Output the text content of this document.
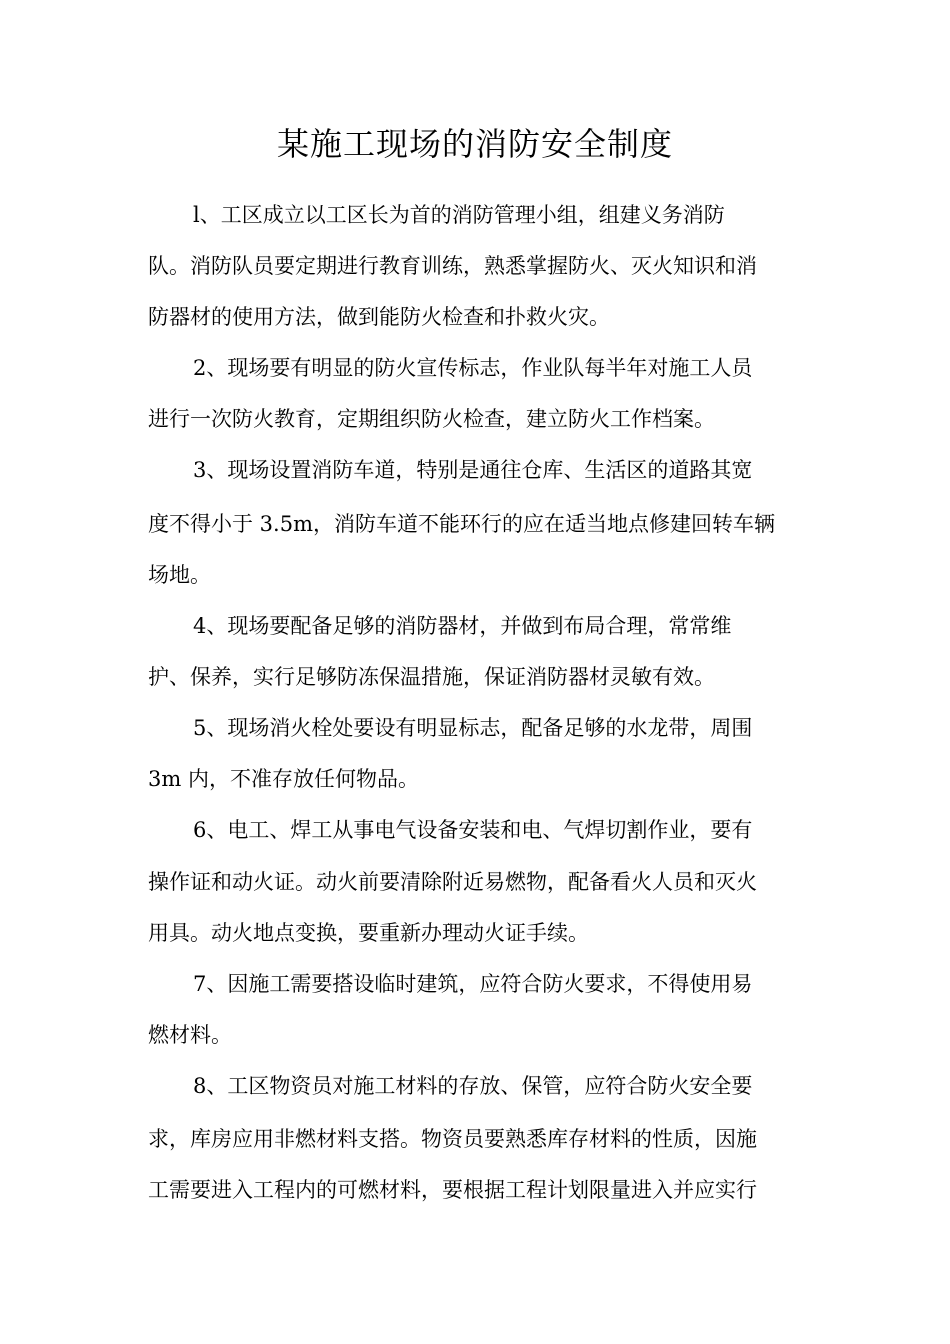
某施工现场的消防安全制度

l、工区成立以工区长为首的消防管理小组，组建义务消防

队。消防队员要定期进行教育训练，熟悉掌握防火、灭火知识和消

防器材的使用方法，做到能防火检查和扑救火灾。

2、现场要有明显的防火宣传标志，作业队每半年对施工人员

进行一次防火教育，定期组织防火检查，建立防火工作档案。

3、现场设置消防车道，特别是通往仓库、生活区的道路其宽

度不得小于 3.5m，消防车道不能环行的应在适当地点修建回转车辆

场地。

4、现场要配备足够的消防器材，并做到布局合理，常常维

护、保养，实行足够防冻保温措施，保证消防器材灵敏有效。

5、现场消火栓处要设有明显标志，配备足够的水龙带，周围

3m 内，不准存放任何物品。

6、电工、焊工从事电气设备安装和电、气焊切割作业，要有

操作证和动火证。动火前要清除附近易燃物，配备看火人员和灭火

用具。动火地点变换，要重新办理动火证手续。

7、因施工需要搭设临时建筑，应符合防火要求，不得使用易

燃材料。

8、工区物资员对施工材料的存放、保管，应符合防火安全要

求，库房应用非燃材料支搭。物资员要熟悉库存材料的性质，因施

工需要进入工程内的可燃材料，要根据工程计划限量进入并应实行
